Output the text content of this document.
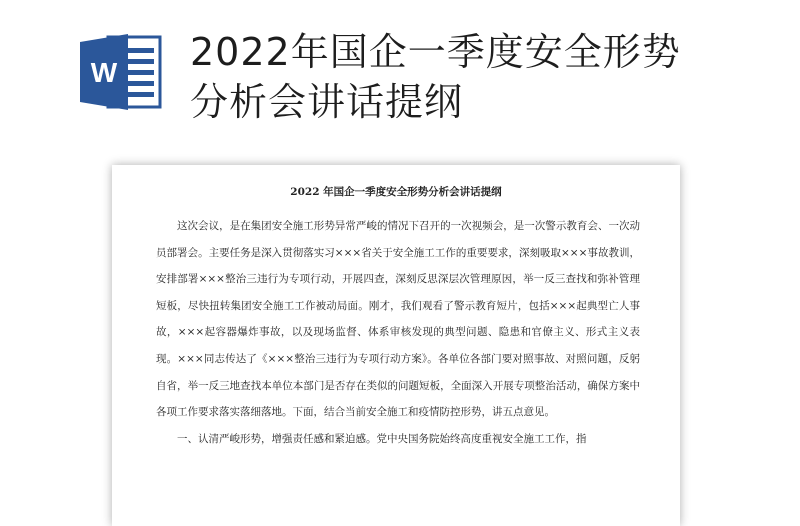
W 2022年国企一季度安全形势
分析会讲话提纲
2022 年国企一季度安全形势分析会讲话提纲

这次会议，是在集团安全施工形势异常严峻的情况下召开的一次视频会，是一次警示教育会、一次动员部署会。主要任务是深入贯彻落实习×××省关于安全施工工作的重要要求，深刻吸取×××事故教训，安排部署×××整治三违行为专项行动，开展四查，深刻反思深层次管理原因，举一反三查找和弥补管理短板，尽快扭转集团安全施工工作被动局面。刚才，我们观看了警示教育短片，包括×××起典型亡人事故，×××起容器爆炸事故，以及现场监督、体系审核发现的典型问题、隐患和官僚主义、形式主义表现。×××同志传达了《×××整治三违行为专项行动方案》。各单位各部门要对照事故、对照问题，反躬自省，举一反三地查找本单位本部门是否存在类似的问题短板，全面深入开展专项整治活动，确保方案中各项工作要求落实落细落地。下面，结合当前安全施工和疫情防控形势，讲五点意见。

一、认清严峻形势，增强责任感和紧迫感。党中央国务院始终高度重视安全施工工作，指
